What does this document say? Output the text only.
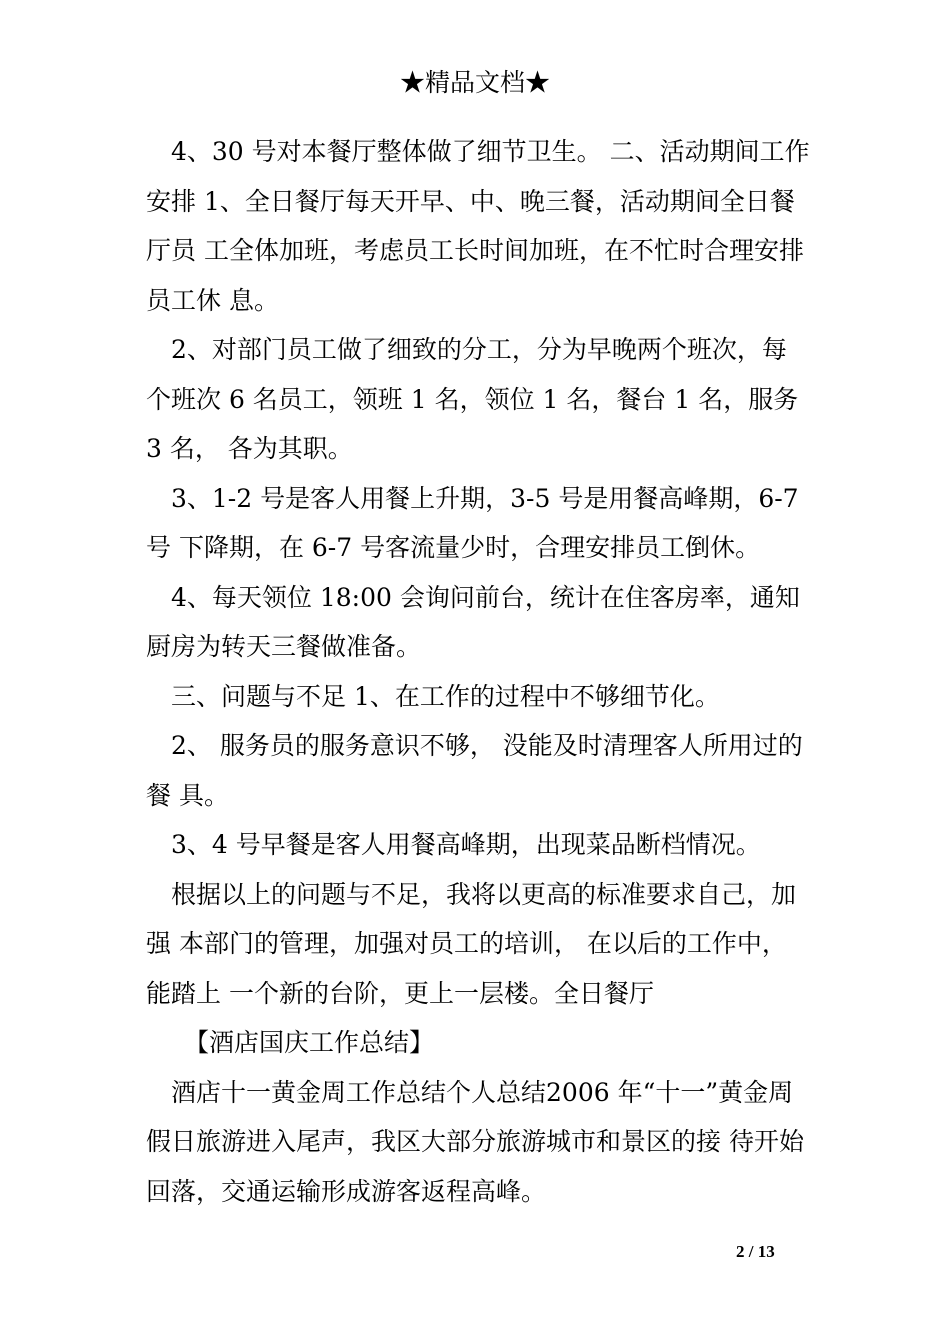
★精品文档★

4、30 号对本餐厅整体做了细节卫生。 二、活动期间工作安排 1、全日餐厅每天开早、中、晚三餐，活动期间全日餐厅员 工全体加班，考虑员工长时间加班，在不忙时合理安排员工休 息。

2、对部门员工做了细致的分工，分为早晚两个班次，每个班次 6 名员工，领班 1 名，领位 1 名，餐台 1 名，服务 3 名， 各为其职。

3、1-2 号是客人用餐上升期，3-5 号是用餐高峰期，6-7 号 下降期，在 6-7 号客流量少时，合理安排员工倒休。

4、每天领位 18:00 会询问前台，统计在住客房率，通知厨房为转天三餐做准备。

三、问题与不足 1、在工作的过程中不够细节化。

2、 服务员的服务意识不够， 没能及时清理客人所用过的餐 具。

3、4 号早餐是客人用餐高峰期，出现菜品断档情况。

根据以上的问题与不足，我将以更高的标准要求自己，加强 本部门的管理，加强对员工的培训， 在以后的工作中，能踏上 一个新的台阶，更上一层楼。全日餐厅

【酒店国庆工作总结】

酒店十一黄金周工作总结个人总结2006 年“十一”黄金周假日旅游进入尾声，我区大部分旅游城市和景区的接 待开始回落，交通运输形成游客返程高峰。

2 / 13
